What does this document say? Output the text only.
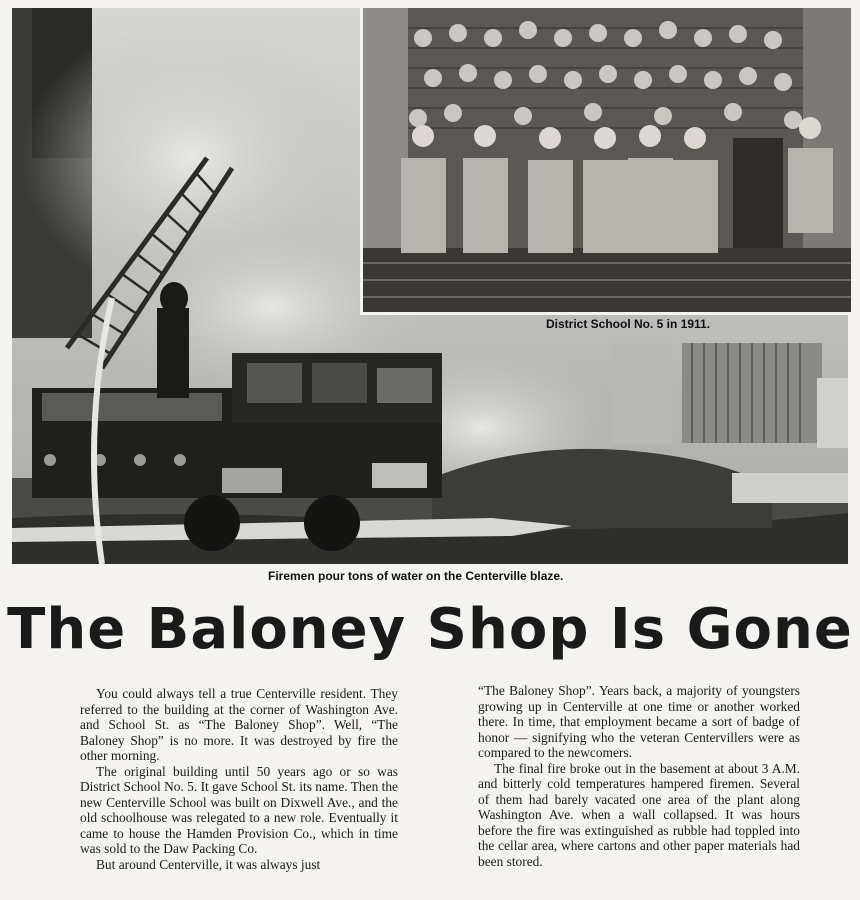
District School No. 5 in 1911.
Firemen pour tons of water on the Centerville blaze.
The Baloney Shop Is Gone

You could always tell a true Centerville resident. They referred to the building at the corner of Washington Ave. and School St. as “The Baloney Shop”. Well, “The Baloney Shop” is no more. It was destroyed by fire the other morning.

The original building until 50 years ago or so was District School No. 5. It gave School St. its name. Then the new Centerville School was built on Dixwell Ave., and the old schoolhouse was relegated to a new role. Eventually it came to house the Hamden Provision Co., which in time was sold to the Daw Packing Co.

But around Centerville, it was always just

“The Baloney Shop”. Years back, a majority of youngsters growing up in Centerville at one time or another worked there. In time, that employment became a sort of badge of honor — signifying who the veteran Centervillers were as compared to the newcomers.

The final fire broke out in the basement at about 3 A.M. and bitterly cold temperatures hampered firemen. Several of them had barely vacated one area of the plant along Washington Ave. when a wall collapsed. It was hours before the fire was extinguished as rubble had toppled into the cellar area, where cartons and other paper materials had been stored.
